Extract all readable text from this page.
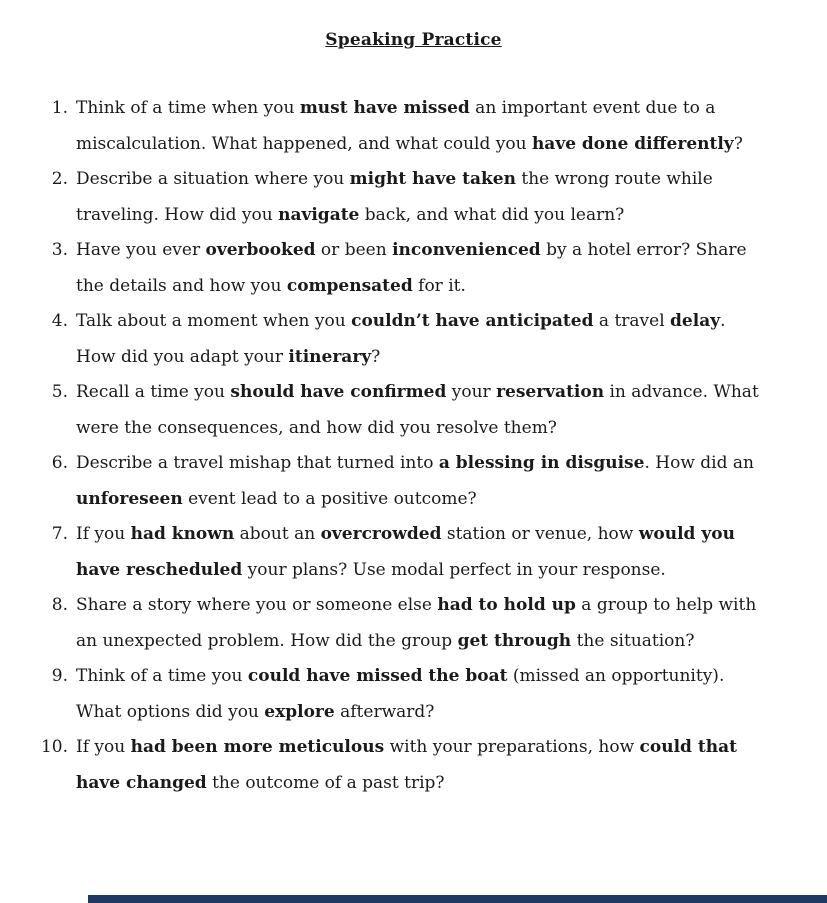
Speaking Practice
1. Think of a time when you must have missed an important event due to a miscalculation. What happened, and what could you have done differently?
2. Describe a situation where you might have taken the wrong route while traveling. How did you navigate back, and what did you learn?
3. Have you ever overbooked or been inconvenienced by a hotel error? Share the details and how you compensated for it.
4. Talk about a moment when you couldn’t have anticipated a travel delay. How did you adapt your itinerary?
5. Recall a time you should have confirmed your reservation in advance. What were the consequences, and how did you resolve them?
6. Describe a travel mishap that turned into a blessing in disguise. How did an unforeseen event lead to a positive outcome?
7. If you had known about an overcrowded station or venue, how would you have rescheduled your plans? Use modal perfect in your response.
8. Share a story where you or someone else had to hold up a group to help with an unexpected problem. How did the group get through the situation?
9. Think of a time you could have missed the boat (missed an opportunity). What options did you explore afterward?
10. If you had been more meticulous with your preparations, how could that have changed the outcome of a past trip?
